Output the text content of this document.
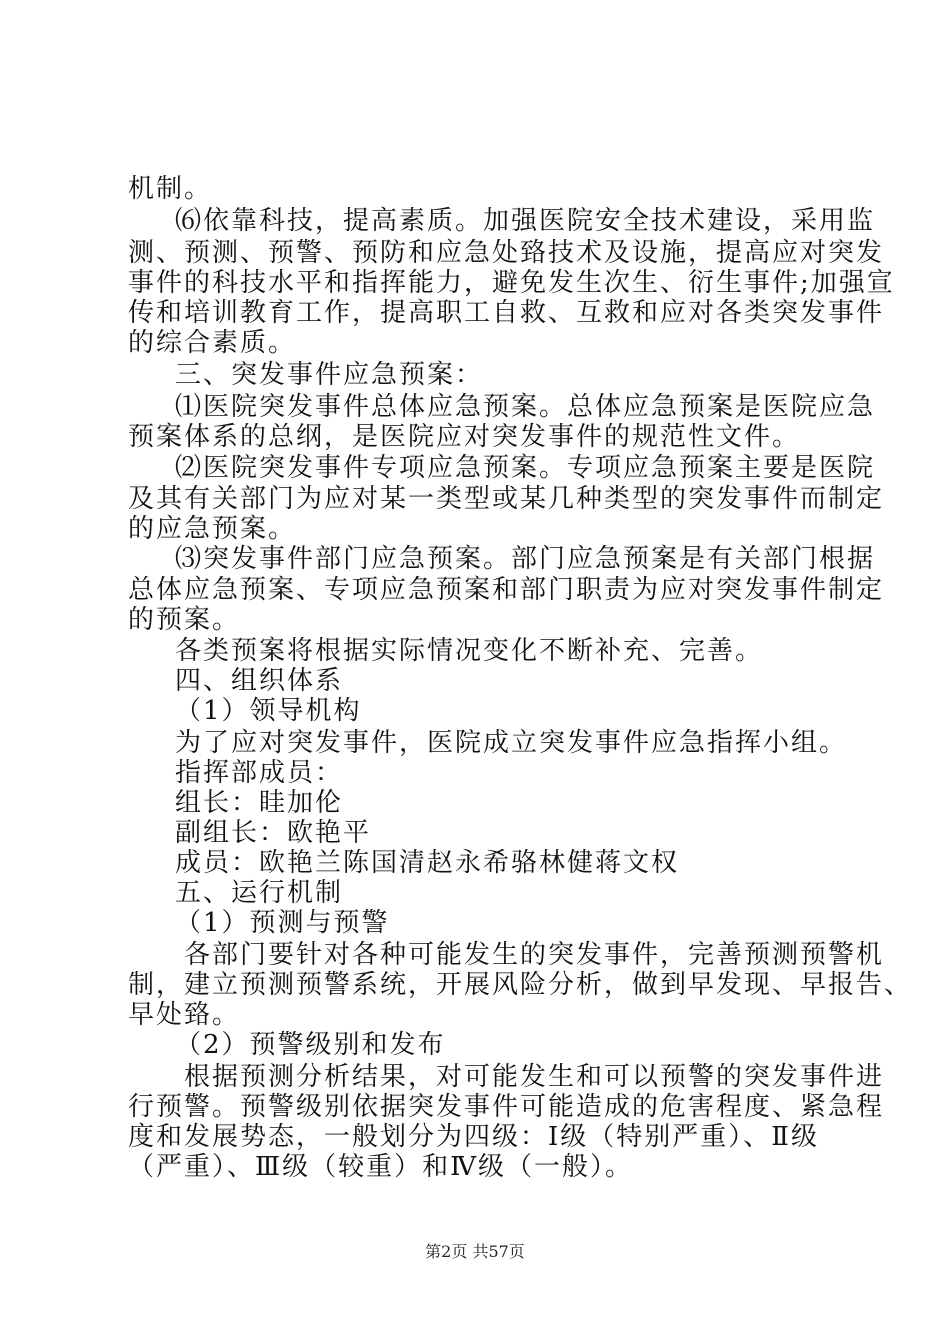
机制。
⑹依靠科技，提高素质。加强医院安全技术建设，采用监
测、预测、预警、预防和应急处臵技术及设施，提高应对突发
事件的科技水平和指挥能力，避免发生次生、衍生事件;加强宣
传和培训教育工作，提高职工自救、互救和应对各类突发事件
的综合素质。
三、突发事件应急预案：
⑴医院突发事件总体应急预案。总体应急预案是医院应急
预案体系的总纲，是医院应对突发事件的规范性文件。
⑵医院突发事件专项应急预案。专项应急预案主要是医院
及其有关部门为应对某一类型或某几种类型的突发事件而制定
的应急预案。
⑶突发事件部门应急预案。部门应急预案是有关部门根据
总体应急预案、专项应急预案和部门职责为应对突发事件制定
的预案。
各类预案将根据实际情况变化不断补充、完善。
四、组织体系
（1）领导机构
为了应对突发事件，医院成立突发事件应急指挥小组。
指挥部成员：
组长：眭加伦
副组长：欧艳平
成员：欧艳兰陈国清赵永希骆林健蒋文权
五、运行机制
（1）预测与预警
各部门要针对各种可能发生的突发事件，完善预测预警机
制，建立预测预警系统，开展风险分析，做到早发现、早报告、
早处臵。
（2）预警级别和发布
根据预测分析结果，对可能发生和可以预警的突发事件进
行预警。预警级别依据突发事件可能造成的危害程度、紧急程
度和发展势态，一般划分为四级：Ⅰ级（特别严重）、Ⅱ级
（严重）、Ⅲ级（较重）和Ⅳ级（一般）。
第2页 共57页
